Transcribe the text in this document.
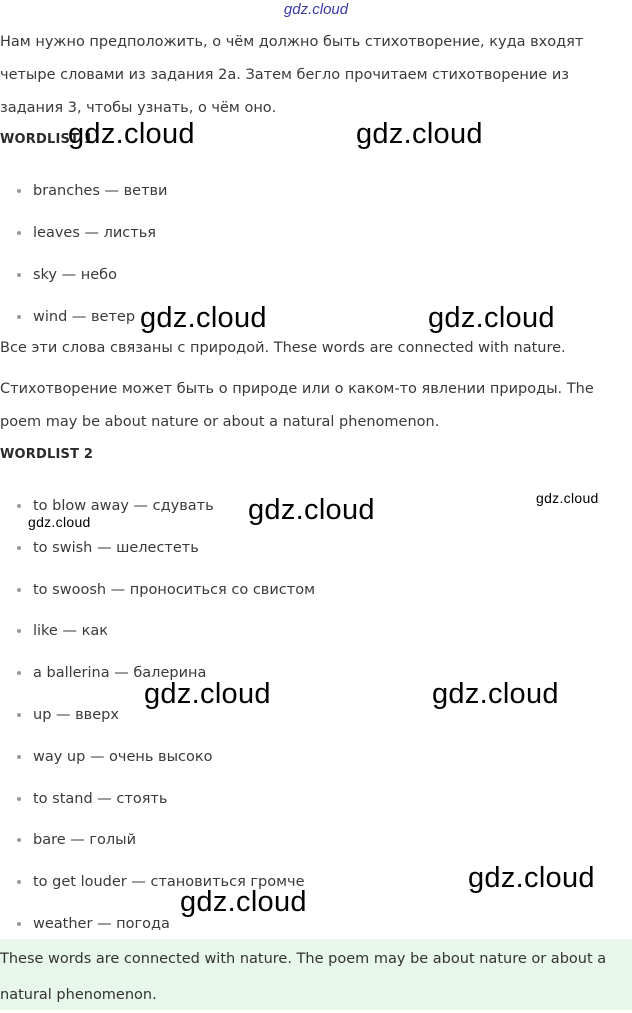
gdz.cloud

Нам нужно предположить, о чём должно быть стихотворение, куда входят четыре словами из задания 2a. Затем бегло прочитаем стихотворение из задания 3, чтобы узнать, о чём оно.

WORDLIST 1
branches — ветви
leaves — листья
sky — небо
wind — ветер

Все эти слова связаны с природой. These words are connected with nature.

Стихотворение может быть о природе или о каком-то явлении природы. The poem may be about nature or about a natural phenomenon.

WORDLIST 2
to blow away — сдувать
to swish — шелестеть
to swoosh — проноситься со свистом
like — как
a ballerina — балерина
up — вверх
way up — очень высоко
to stand — стоять
bare — голый
to get louder — становиться громче
weather — погода

These words are connected with nature. The poem may be about nature or about a natural phenomenon.

gdz.cloud	gdz.cloud
gdz.cloud	gdz.cloud
gdz.cloud
gdz.cloud	gdz.cloud
gdz.cloud	gdz.cloud
gdz.cloud
gdz.cloud
